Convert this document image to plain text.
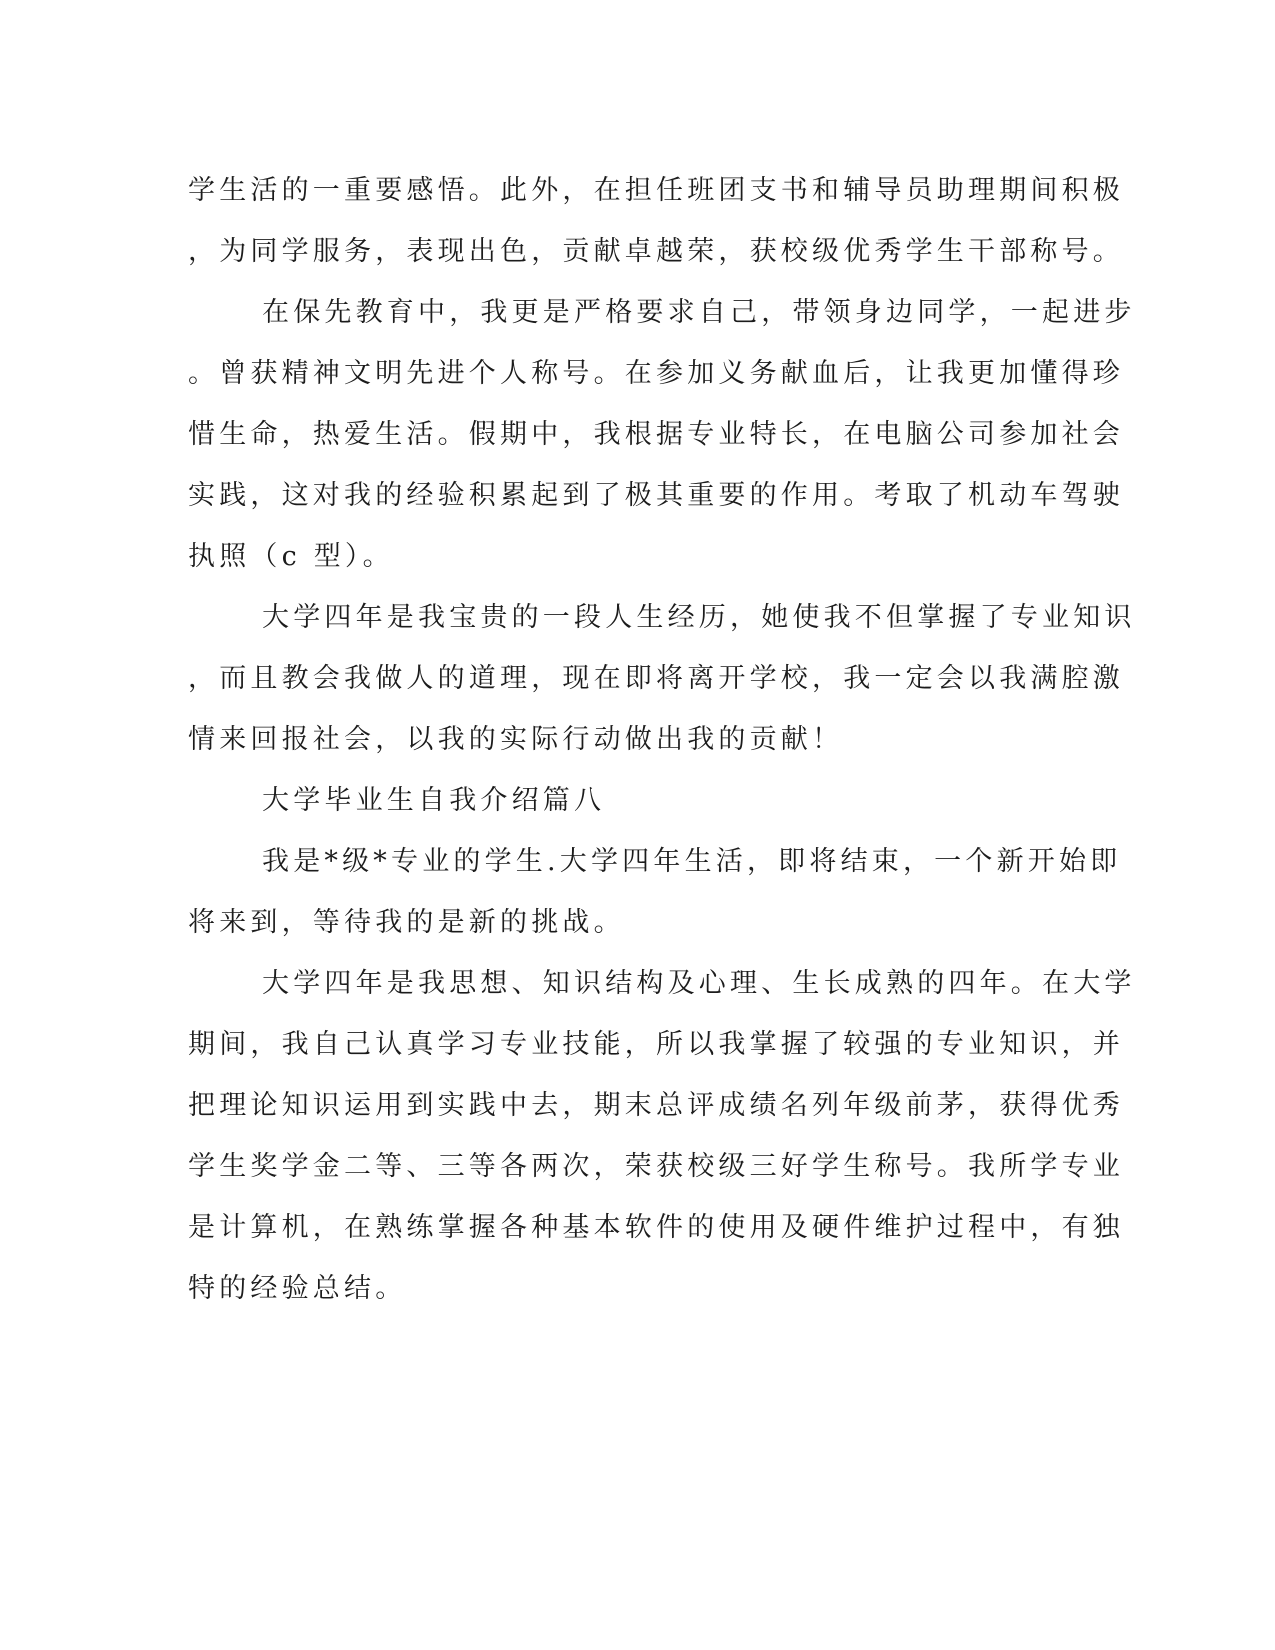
学生活的一重要感悟。此外，在担任班团支书和辅导员助理期间积极
，为同学服务，表现出色，贡献卓越荣，获校级优秀学生干部称号。
在保先教育中，我更是严格要求自己，带领身边同学，一起进步
。曾获精神文明先进个人称号。在参加义务献血后，让我更加懂得珍
惜生命，热爱生活。假期中，我根据专业特长，在电脑公司参加社会
实践，这对我的经验积累起到了极其重要的作用。考取了机动车驾驶
执照（c 型）。
大学四年是我宝贵的一段人生经历，她使我不但掌握了专业知识
，而且教会我做人的道理，现在即将离开学校，我一定会以我满腔激
情来回报社会，以我的实际行动做出我的贡献！
大学毕业生自我介绍篇八
我是*级*专业的学生.大学四年生活，即将结束，一个新开始即
将来到，等待我的是新的挑战。
大学四年是我思想、知识结构及心理、生长成熟的四年。在大学
期间，我自己认真学习专业技能，所以我掌握了较强的专业知识，并
把理论知识运用到实践中去，期末总评成绩名列年级前茅，获得优秀
学生奖学金二等、三等各两次，荣获校级三好学生称号。我所学专业
是计算机，在熟练掌握各种基本软件的使用及硬件维护过程中，有独
特的经验总结。
